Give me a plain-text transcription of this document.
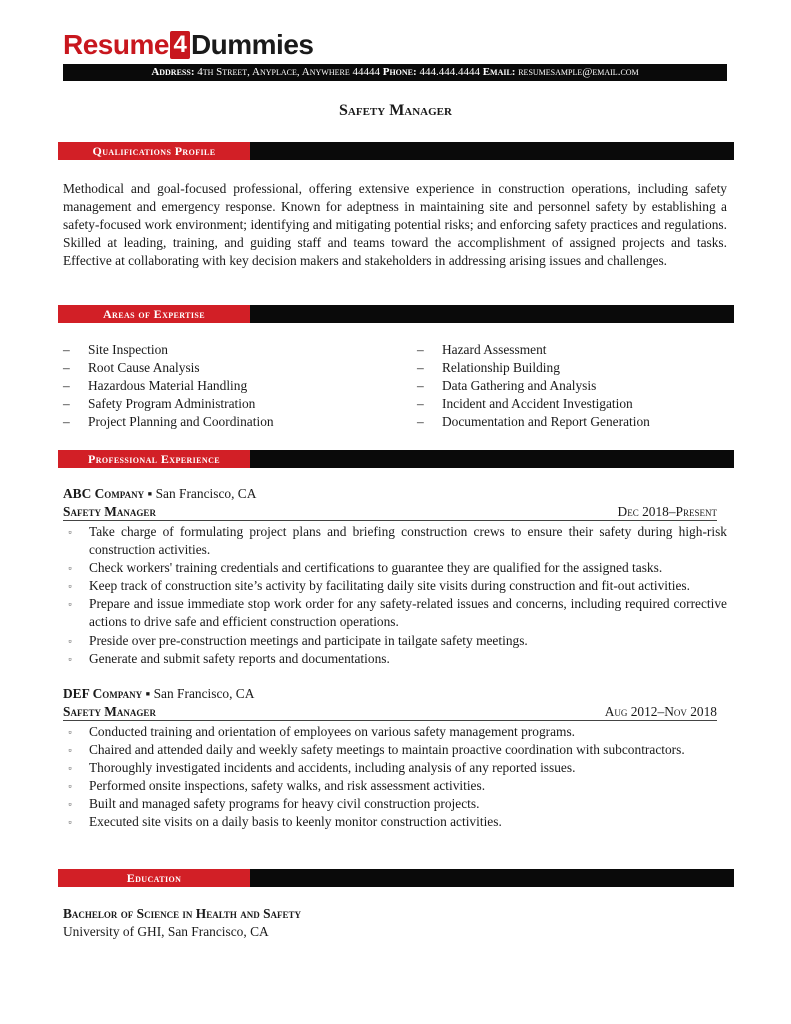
Resume 4 Dummies
Address: 4th Street, Anyplace, Anywhere 44444 Phone: 444.444.4444 Email: resumesample@email.com
Safety Manager
Qualifications Profile
Methodical and goal-focused professional, offering extensive experience in construction operations, including safety management and emergency response. Known for adeptness in maintaining site and personnel safety by establishing a safety-focused work environment; identifying and mitigating potential risks; and enforcing safety practices and regulations. Skilled at leading, training, and guiding staff and teams toward the accomplishment of assigned projects and tasks. Effective at collaborating with key decision makers and stakeholders in addressing arising issues and challenges.
Areas of Expertise
– Site Inspection
– Root Cause Analysis
– Hazardous Material Handling
– Safety Program Administration
– Project Planning and Coordination
– Hazard Assessment
– Relationship Building
– Data Gathering and Analysis
– Incident and Accident Investigation
– Documentation and Report Generation
Professional Experience
ABC Company ▪ San Francisco, CA
Safety Manager	Dec 2018–Present
▫	Take charge of formulating project plans and briefing construction crews to ensure their safety during high-risk construction activities.
▫	Check workers' training credentials and certifications to guarantee they are qualified for the assigned tasks.
▫	Keep track of construction site’s activity by facilitating daily site visits during construction and fit-out activities.
▫	Prepare and issue immediate stop work order for any safety-related issues and concerns, including required corrective actions to drive safe and efficient construction operations.
▫	Preside over pre-construction meetings and participate in tailgate safety meetings.
▫	Generate and submit safety reports and documentations.
DEF Company ▪ San Francisco, CA
Safety Manager	Aug 2012–Nov 2018
▫	Conducted training and orientation of employees on various safety management programs.
▫	Chaired and attended daily and weekly safety meetings to maintain proactive coordination with subcontractors.
▫	Thoroughly investigated incidents and accidents, including analysis of any reported issues.
▫	Performed onsite inspections, safety walks, and risk assessment activities.
▫	Built and managed safety programs for heavy civil construction projects.
▫	Executed site visits on a daily basis to keenly monitor construction activities.
Education
Bachelor of Science in Health and Safety
University of GHI, San Francisco, CA
